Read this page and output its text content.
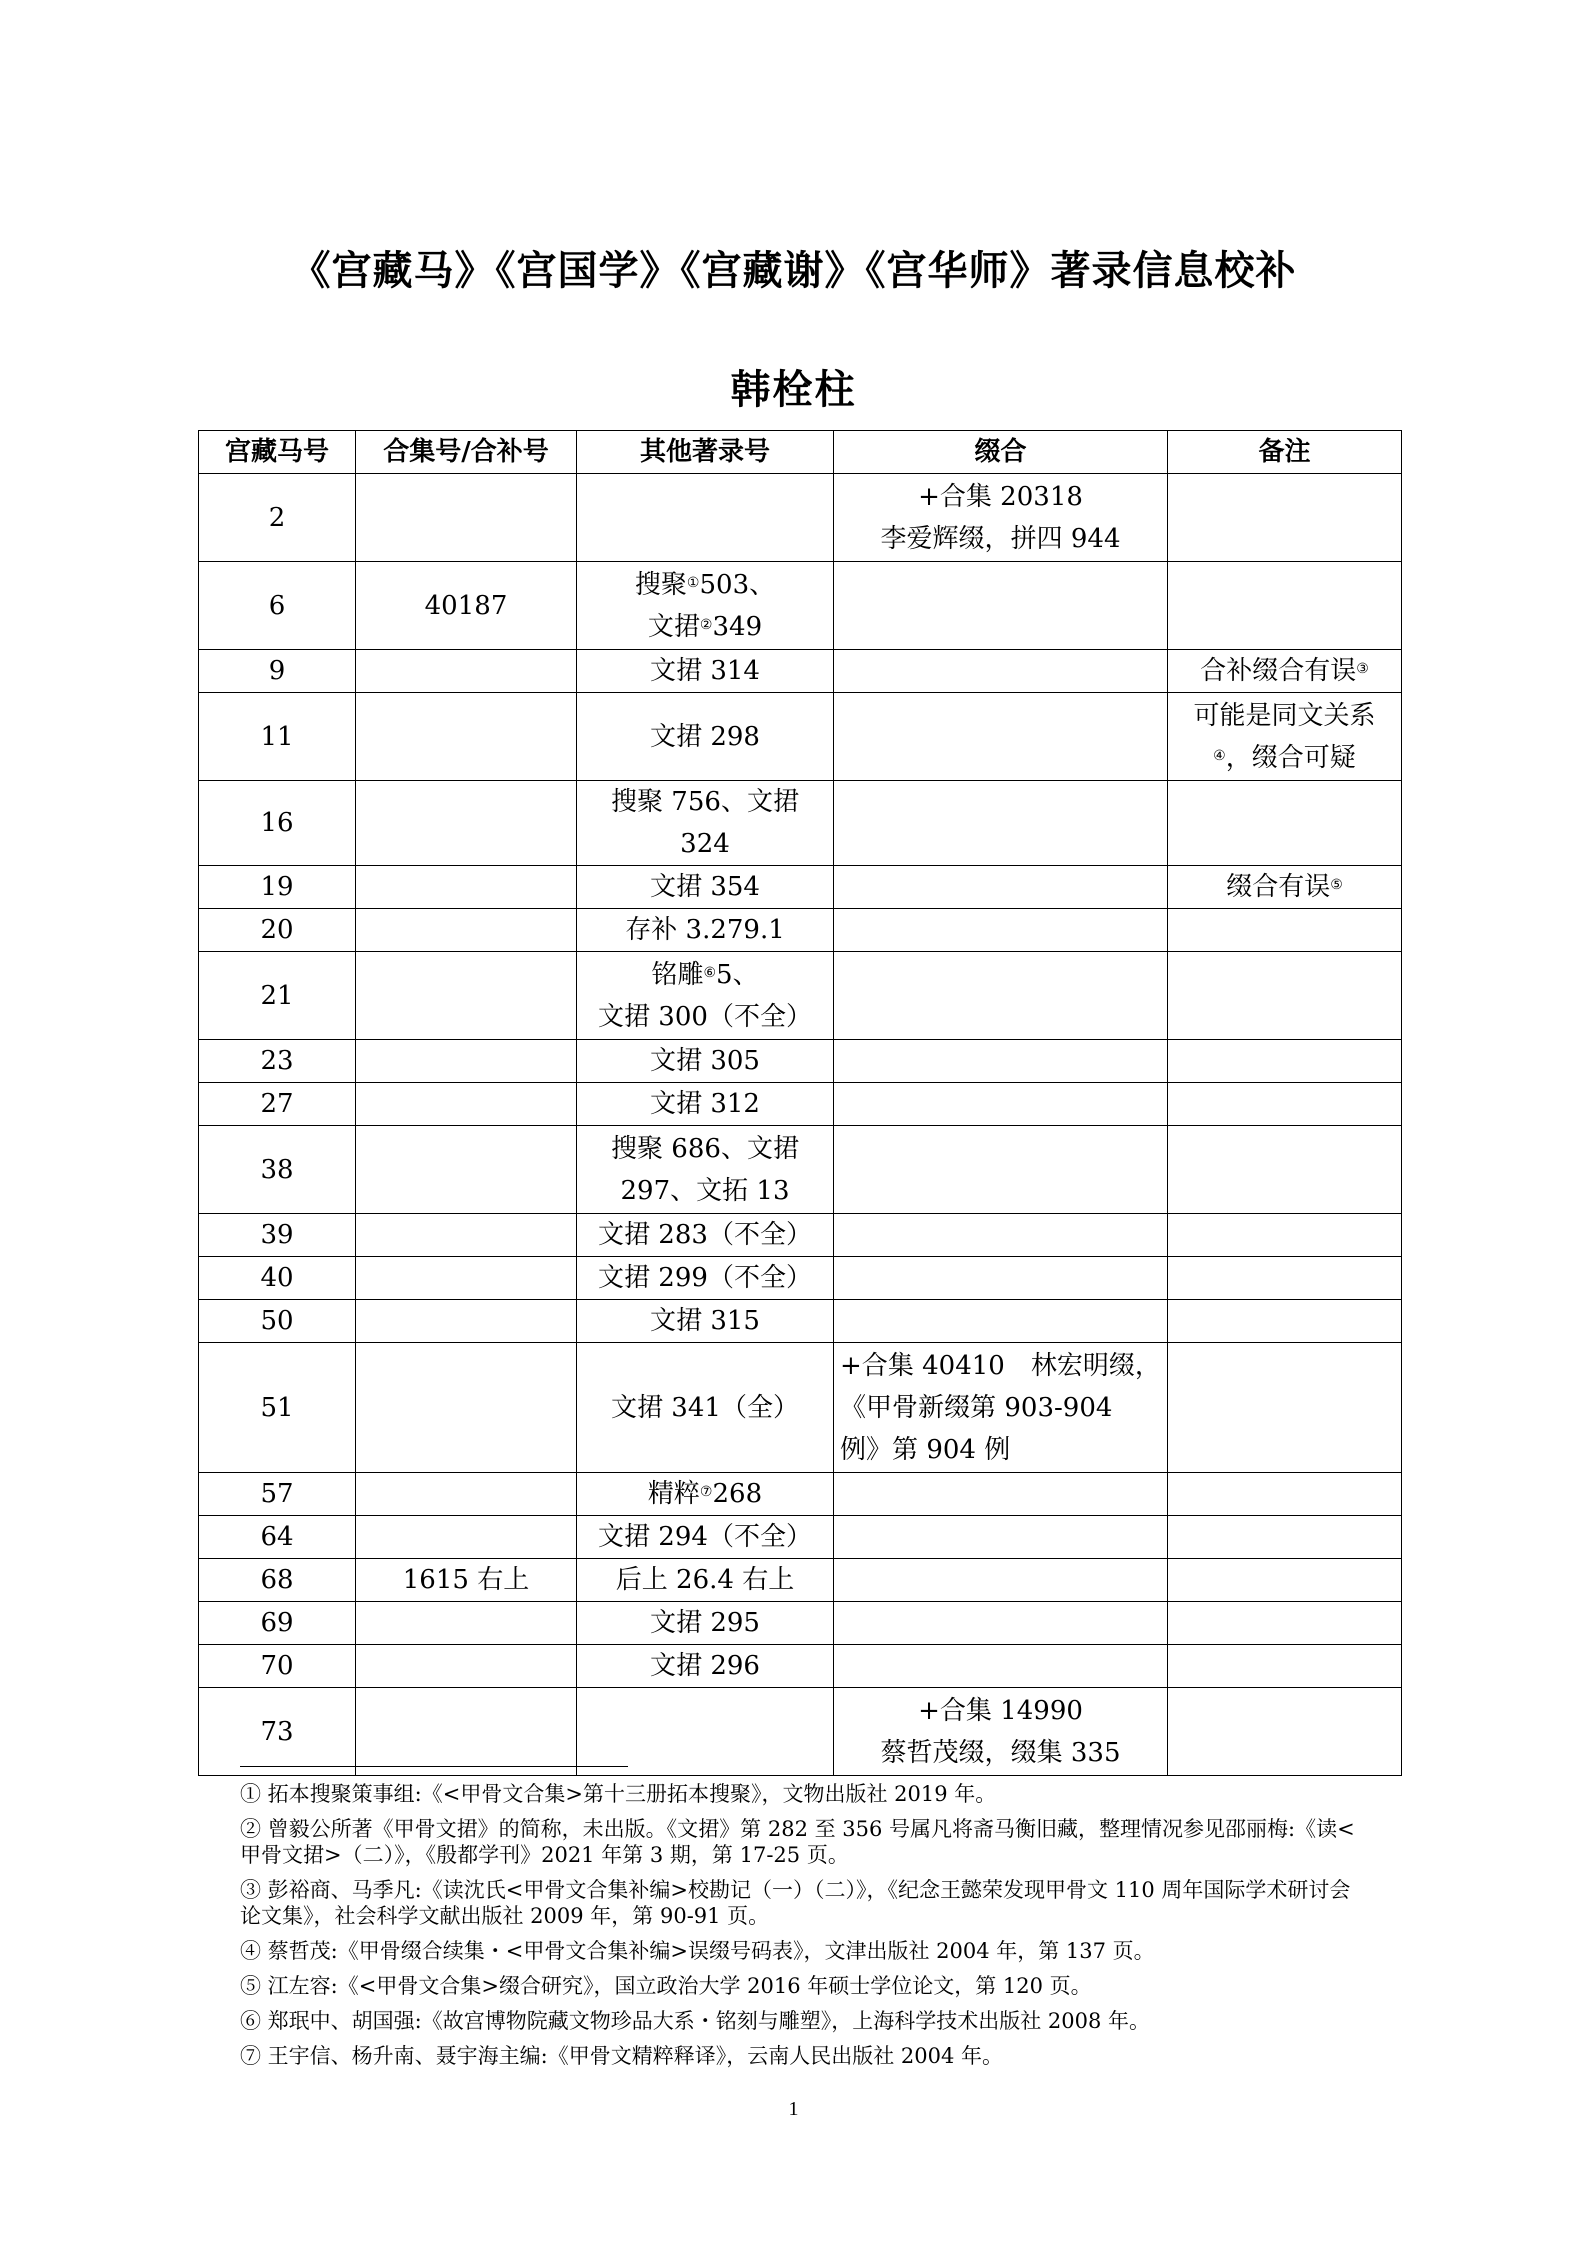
《宫藏马》《宫国学》《宫藏谢》《宫华师》著录信息校补
韩栓柱
宫藏马号	合集号/合补号	其他著录号	缀合	备注

2			+合集 20318
李爱辉缀，拼四 944	

6	40187	搜聚①503、
文捃②349		

9		文捃 314		合补缀合有误③

11		文捃 298		可能是同文关系
④，缀合可疑

16		搜聚 756、文捃 324		

19		文捃 354		缀合有误⑤

20		存补 3.279.1		

21		铭雕⑥5、
文捃 300（不全）		

23		文捃 305		

27		文捃 312		

38		搜聚 686、文捃
297、文拓 13		

39		文捃 283（不全）		

40		文捃 299（不全）		

50		文捃 315		

51		文捃 341（全）	+合集 40410　 林宏明缀，
《甲骨新缀第 903-904
例》第 904 例	

57		精粹⑦268		

64		文捃 294（不全）		

68	1615 右上	后上 26.4 右上		

69		文捃 295		

70		文捃 296		

73			+合集 14990
蔡哲茂缀，缀集 335	

① 拓本搜聚策事组:《<甲骨文合集>第十三册拓本搜聚》，文物出版社 2019 年。
② 曾毅公所著《甲骨文捃》的简称，未出版。《文捃》第 282 至 356 号属凡将斋马衡旧藏，整理情况参见邵丽梅:《读<甲骨文捃>（二）》，《殷都学刊》2021 年第 3 期，第 17-25 页。
③ 彭裕商、马季凡:《读沈氏<甲骨文合集补编>校勘记（一）（二）》，《纪念王懿荣发现甲骨文 110 周年国际学术研讨会论文集》，社会科学文献出版社 2009 年，第 90-91 页。
④ 蔡哲茂:《甲骨缀合续集・<甲骨文合集补编>误缀号码表》，文津出版社 2004 年，第 137 页。
⑤ 江左容:《<甲骨文合集>缀合研究》，国立政治大学 2016 年硕士学位论文，第 120 页。
⑥ 郑珉中、胡国强:《故宫博物院藏文物珍品大系・铭刻与雕塑》，上海科学技术出版社 2008 年。
⑦ 王宇信、杨升南、聂宇海主编:《甲骨文精粹释译》，云南人民出版社 2004 年。
1
